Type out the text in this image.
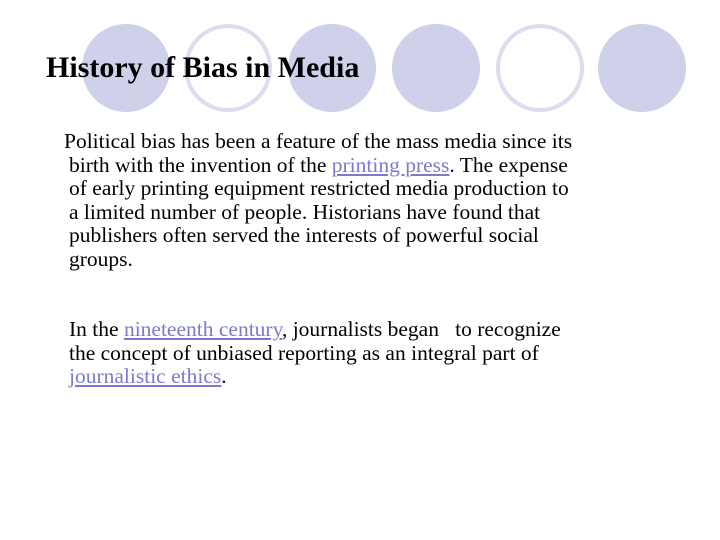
History of Bias in Media
Political bias has been a feature of the mass media since its
birth with the invention of the printing press. The expense
of early printing equipment restricted media production to
a limited number of people. Historians have found that
publishers often served the interests of powerful social
groups.
In the nineteenth century, journalists began   to recognize
the concept of unbiased reporting as an integral part of
journalistic ethics.
